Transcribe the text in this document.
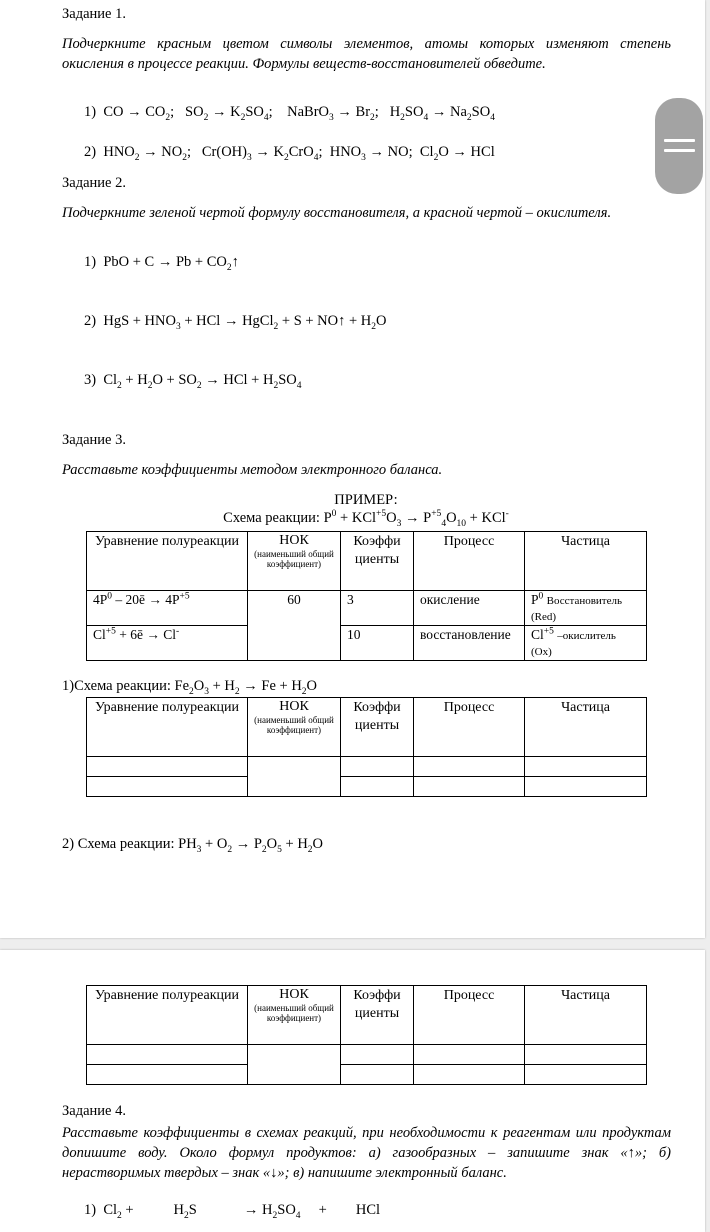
Задание 1.
Подчеркните красным цветом символы элементов, атомы которых изменяют степень окисления в процессе реакции. Формулы веществ-восстановителей обведите.
1)  CO → $CO_2$;   $SO_2 \to K_2SO_4$;    NaBrO$_3$ → $Br_2$;   $H_2SO_4 \to Na_2SO_4$
2)  $HNO_2 \to NO_2$;   $Cr(OH)_3 \to K_2CrO_4$;  $HNO_3$ → NO;  $Cl_2O$ → HCl
Задание 2.
Подчеркните зеленой чертой формулу восстановителя, а красной чертой – окислителя.
1)  PbO + $C \to Pb + CO_2↑$
2)  HgS + $HNO_3$ + HCl → HgCl$_2$ + S + NO↑ + $H_2O$
3)  $Cl_2 + H_2O + SO_2$ → HCl + $H_2SO_4$
Задание 3.
Расставьте коэффициенты методом электронного баланса.
ПРИМЕР:
Схема реакции: $P^0 + KCl^{+5}O_3 \to P^{+5}_4O_{10} + KCl^-$
Уравнение полуреакции	НОК
(наименьший общий коэффициент)	Коэффи циенты	Процесс	Частица
$4P^0$ – 20ē → $4P^{+5}$	60	3	окисление	$P^0$ Восстановитель
(Red)
$Cl^{+5}$ + 6ē → Cl-		10	восстановление	$Cl^{+5}$ –окислитель
(Ox)
1)Схема реакции: $Fe_2O_3 + H_2 \to Fe + H_2O$
Уравнение полуреакции	НОК
(наименьший общий коэффициент)	Коэффи циенты	Процесс	Частица

2) Схема реакции: $PH_3 + O_2 \to P_2O_5 + H_2O$
Уравнение полуреакции	НОК
(наименьший общий коэффициент)	Коэффи циенты	Процесс	Частица

Задание 4.
Расставьте коэффициенты в схемах реакций, при необходимости к реагентам или продуктам допишите воду. Около формул продуктов: а) газообразных – запишите знак «↑»; б) нерастворимых твердых – знак «↓»; в) напишите электронный баланс.
1)  $Cl_2$ +           $H_2S$             → $H_2SO_4$     +        HCl
